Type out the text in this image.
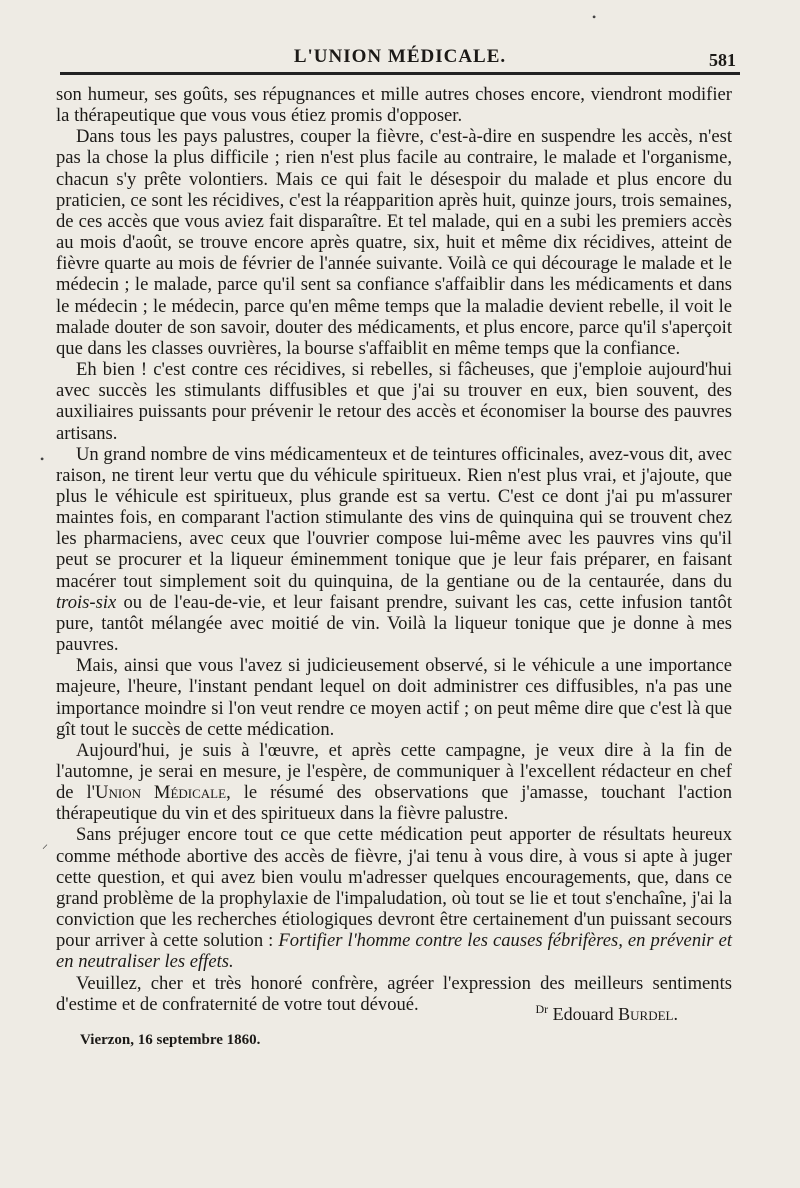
L'UNION MÉDICALE.	581

son humeur, ses goûts, ses répugnances et mille autres choses encore, viendront modifier la thérapeutique que vous vous étiez promis d'opposer.

Dans tous les pays palustres, couper la fièvre, c'est-à-dire en suspendre les accès, n'est pas la chose la plus difficile ; rien n'est plus facile au contraire, le malade et l'organisme, chacun s'y prête volontiers. Mais ce qui fait le désespoir du malade et plus encore du praticien, ce sont les récidives, c'est la réapparition après huit, quinze jours, trois semaines, de ces accès que vous aviez fait disparaître. Et tel malade, qui en a subi les premiers accès au mois d'août, se trouve encore après quatre, six, huit et même dix récidives, atteint de fièvre quarte au mois de février de l'année suivante. Voilà ce qui décourage le malade et le médecin ; le malade, parce qu'il sent sa confiance s'affaiblir dans les médicaments et dans le médecin ; le médecin, parce qu'en même temps que la maladie devient rebelle, il voit le malade douter de son savoir, douter des médicaments, et plus encore, parce qu'il s'aperçoit que dans les classes ouvrières, la bourse s'affaiblit en même temps que la confiance.

Eh bien ! c'est contre ces récidives, si rebelles, si fâcheuses, que j'emploie aujourd'hui avec succès les stimulants diffusibles et que j'ai su trouver en eux, bien souvent, des auxiliaires puissants pour prévenir le retour des accès et économiser la bourse des pauvres artisans.

Un grand nombre de vins médicamenteux et de teintures officinales, avez-vous dit, avec raison, ne tirent leur vertu que du véhicule spiritueux. Rien n'est plus vrai, et j'ajoute, que plus le véhicule est spiritueux, plus grande est sa vertu. C'est ce dont j'ai pu m'assurer maintes fois, en comparant l'action stimulante des vins de quinquina qui se trouvent chez les pharmaciens, avec ceux que l'ouvrier compose lui-même avec les pauvres vins qu'il peut se procurer et la liqueur éminemment tonique que je leur fais préparer, en faisant macérer tout simplement soit du quinquina, de la gentiane ou de la centaurée, dans du trois-six ou de l'eau-de-vie, et leur faisant prendre, suivant les cas, cette infusion tantôt pure, tantôt mélangée avec moitié de vin. Voilà la liqueur tonique que je donne à mes pauvres.

Mais, ainsi que vous l'avez si judicieusement observé, si le véhicule a une importance majeure, l'heure, l'instant pendant lequel on doit administrer ces diffusibles, n'a pas une importance moindre si l'on veut rendre ce moyen actif ; on peut même dire que c'est là que gît tout le succès de cette médication.

Aujourd'hui, je suis à l'œuvre, et après cette campagne, je veux dire à la fin de l'automne, je serai en mesure, je l'espère, de communiquer à l'excellent rédacteur en chef de l'Union Médicale, le résumé des observations que j'amasse, touchant l'action thérapeutique du vin et des spiritueux dans la fièvre palustre.

Sans préjuger encore tout ce que cette médication peut apporter de résultats heureux comme méthode abortive des accès de fièvre, j'ai tenu à vous dire, à vous si apte à juger cette question, et qui avez bien voulu m'adresser quelques encouragements, que, dans ce grand problème de la prophylaxie de l'impaludation, où tout se lie et tout s'enchaîne, j'ai la conviction que les recherches étiologiques devront être certainement d'un puissant secours pour arriver à cette solution : Fortifier l'homme contre les causes fébrifères, en prévenir et en neutraliser les effets.

Veuillez, cher et très honoré confrère, agréer l'expression des meilleurs sentiments d'estime et de confraternité de votre tout dévoué.	$^{Dr}$ Edouard Burdel.
Vierzon, 16 septembre 1860.
•
•
⸍
